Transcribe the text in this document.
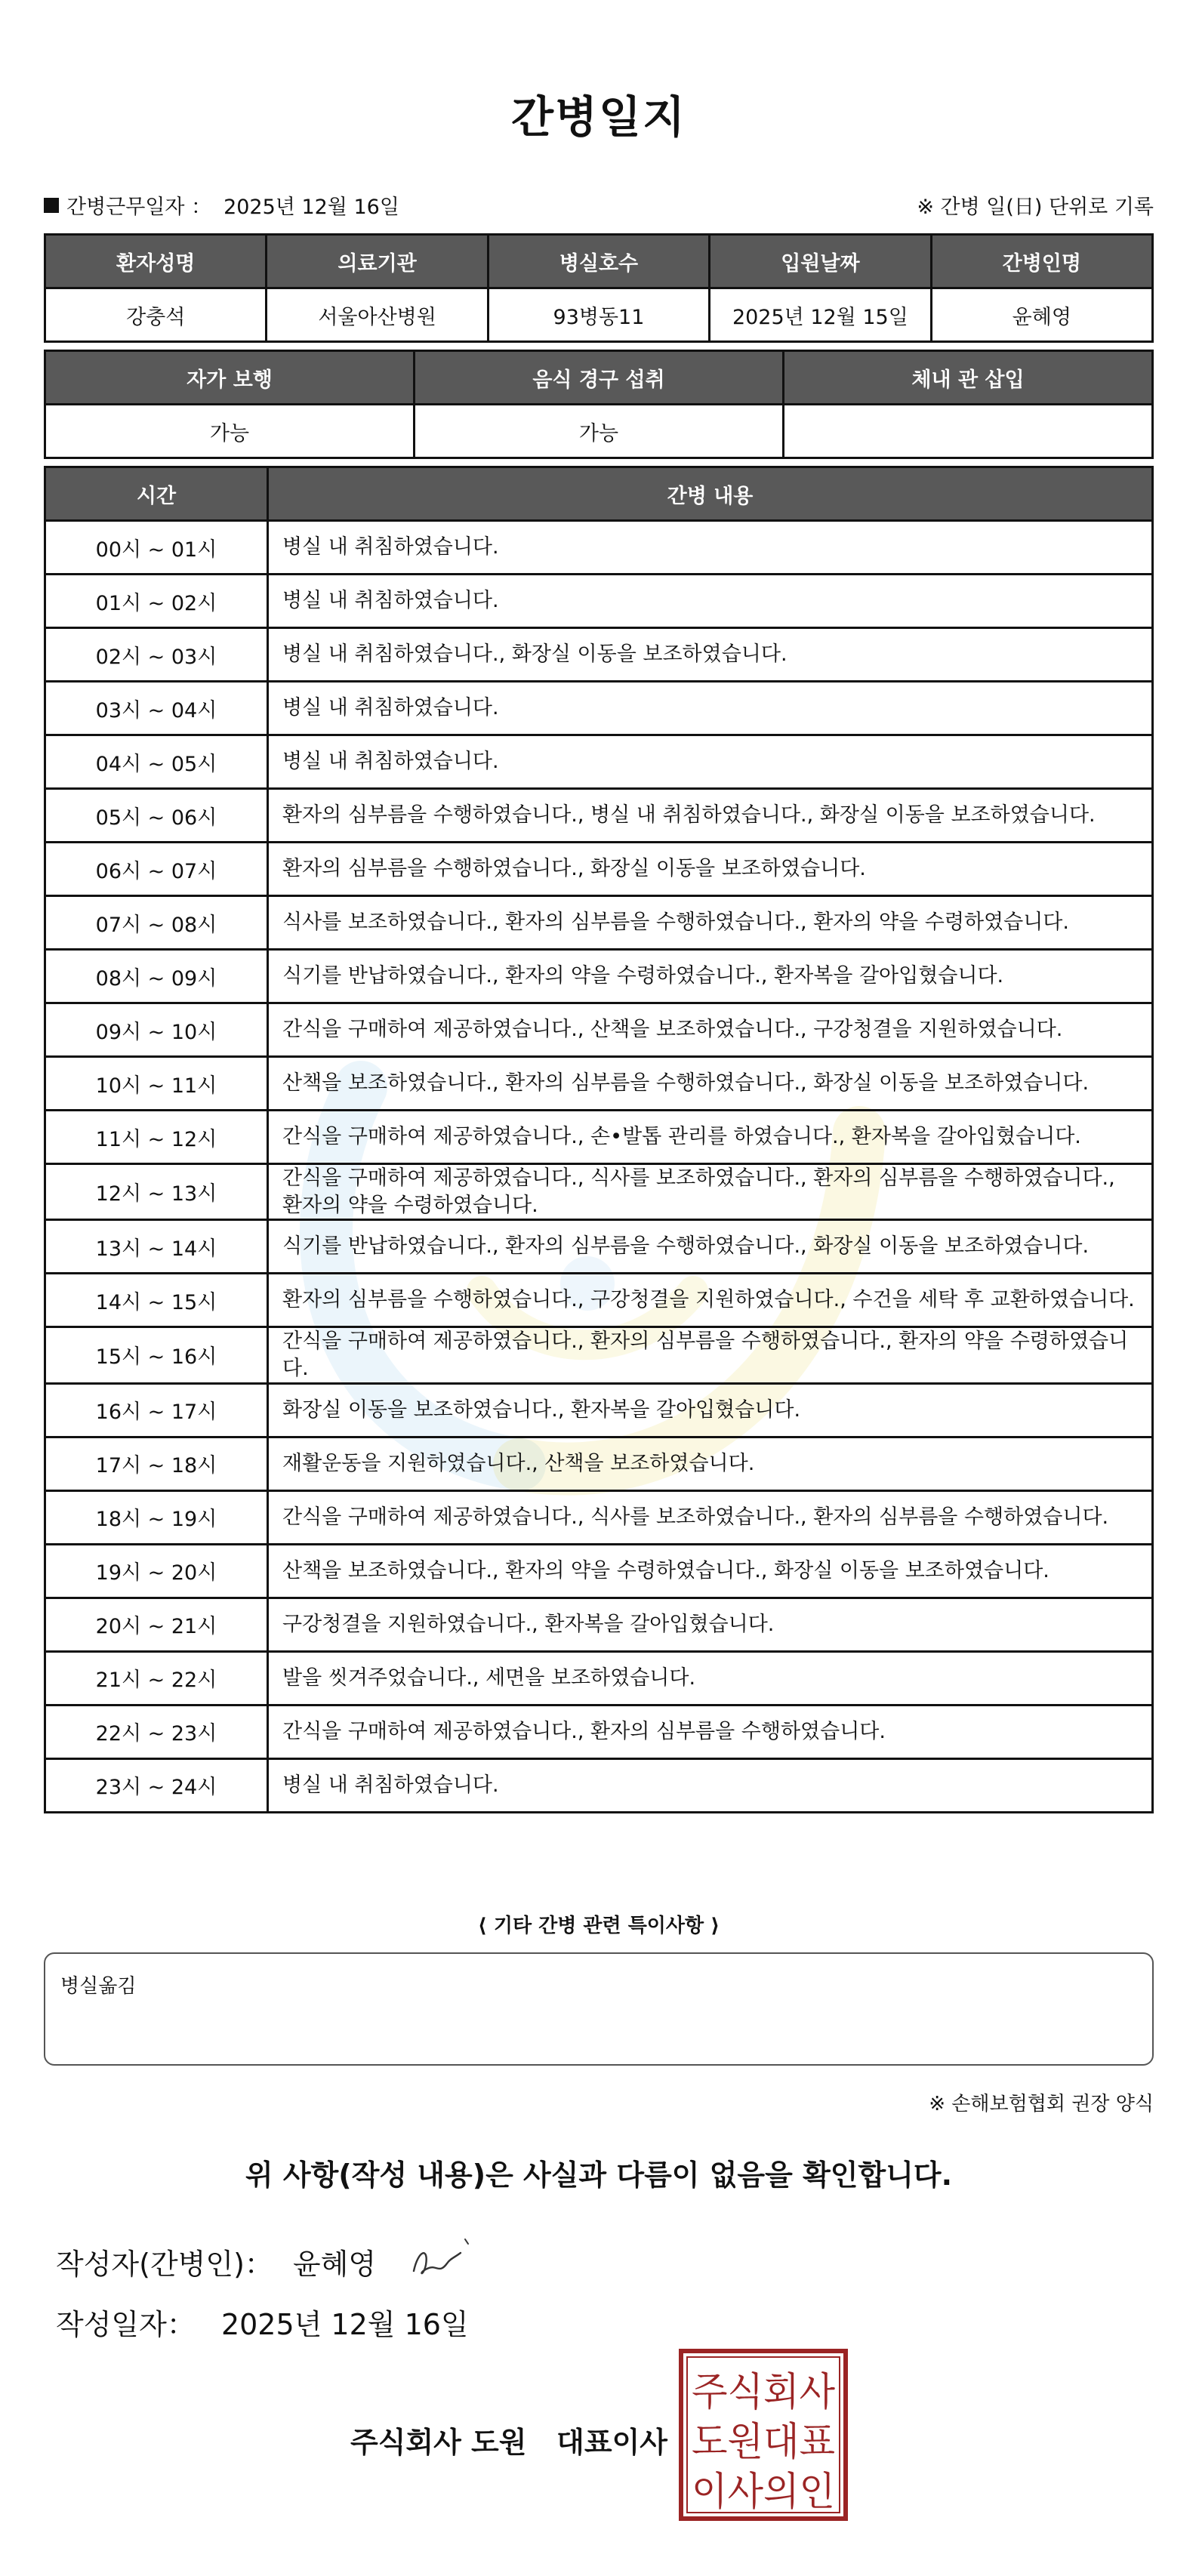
간병일지
간병근무일자 ： 2025년 12월 16일	※ 간병 일(日) 단위로 기록
환자성명	의료기관	병실호수	입원날짜	간병인명
강충석	서울아산병원	93병동11	2025년 12월 15일	윤혜영
자가 보행	음식 경구 섭취	체내 관 삽입
가능	가능	
시간	간병 내용
00시 ~ 01시	병실 내 취침하였습니다.
01시 ~ 02시	병실 내 취침하였습니다.
02시 ~ 03시	병실 내 취침하였습니다., 화장실 이동을 보조하였습니다.
03시 ~ 04시	병실 내 취침하였습니다.
04시 ~ 05시	병실 내 취침하였습니다.
05시 ~ 06시	환자의 심부름을 수행하였습니다., 병실 내 취침하였습니다., 화장실 이동을 보조하였습니다.
06시 ~ 07시	환자의 심부름을 수행하였습니다., 화장실 이동을 보조하였습니다.
07시 ~ 08시	식사를 보조하였습니다., 환자의 심부름을 수행하였습니다., 환자의 약을 수령하였습니다.
08시 ~ 09시	식기를 반납하였습니다., 환자의 약을 수령하였습니다., 환자복을 갈아입혔습니다.
09시 ~ 10시	간식을 구매하여 제공하였습니다., 산책을 보조하였습니다., 구강청결을 지원하였습니다.
10시 ~ 11시	산책을 보조하였습니다., 환자의 심부름을 수행하였습니다., 화장실 이동을 보조하였습니다.
11시 ~ 12시	간식을 구매하여 제공하였습니다., 손•발톱 관리를 하였습니다., 환자복을 갈아입혔습니다.
12시 ~ 13시	간식을 구매하여 제공하였습니다., 식사를 보조하였습니다., 환자의 심부름을 수행하였습니다., 환자의 약을 수령하였습니다.
13시 ~ 14시	식기를 반납하였습니다., 환자의 심부름을 수행하였습니다., 화장실 이동을 보조하였습니다.
14시 ~ 15시	환자의 심부름을 수행하였습니다., 구강청결을 지원하였습니다., 수건을 세탁 후 교환하였습니다.
15시 ~ 16시	간식을 구매하여 제공하였습니다., 환자의 심부름을 수행하였습니다., 환자의 약을 수령하였습니다.
16시 ~ 17시	화장실 이동을 보조하였습니다., 환자복을 갈아입혔습니다.
17시 ~ 18시	재활운동을 지원하였습니다., 산책을 보조하였습니다.
18시 ~ 19시	간식을 구매하여 제공하였습니다., 식사를 보조하였습니다., 환자의 심부름을 수행하였습니다.
19시 ~ 20시	산책을 보조하였습니다., 환자의 약을 수령하였습니다., 화장실 이동을 보조하였습니다.
20시 ~ 21시	구강청결을 지원하였습니다., 환자복을 갈아입혔습니다.
21시 ~ 22시	발을 씻겨주었습니다., 세면을 보조하였습니다.
22시 ~ 23시	간식을 구매하여 제공하였습니다., 환자의 심부름을 수행하였습니다.
23시 ~ 24시	병실 내 취침하였습니다.
⟨ 기타 간병 관련 특이사항 ⟩
병실옮김
※ 손해보험협회 권장 양식
위 사항(작성 내용)은 사실과 다름이 없음을 확인합니다.
작성자(간병인)： 윤혜영
작성일자： 2025년 12월 16일
주식회사 도원   대표이사
주식회사
도원대표
이사의인
